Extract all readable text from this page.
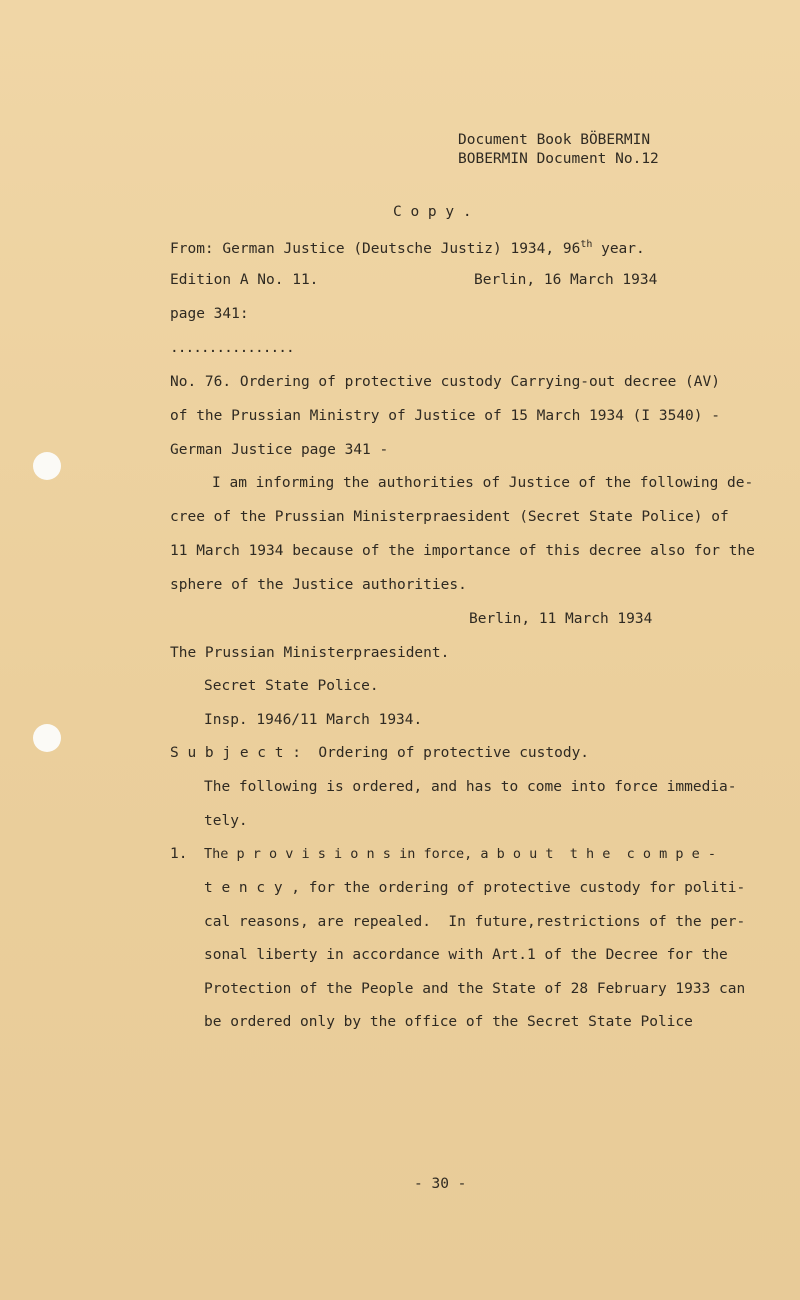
Document Book BÖBERMIN
BOBERMIN Document No.12
C o p y .
From: German Justice (Deutsche Justiz) 1934, 96th year.
Edition A No. 11.	Berlin, 16 March 1934
page 341:
................
No. 76. Ordering of protective custody Carrying-out decree (AV)
of the Prussian Ministry of Justice of 15 March 1934 (I 3540) -
German Justice page 341 -
I am informing the authorities of Justice of the following de-
cree of the Prussian Ministerpraesident (Secret State Police) of
11 March 1934 because of the importance of this decree also for the
sphere of the Justice authorities.
Berlin, 11 March 1934
The Prussian Ministerpraesident.
Secret State Police.
Insp. 1946/11 March 1934.
S u b j e c t :  Ordering of protective custody.
The following is ordered, and has to come into force immedia-
tely.
1. The p r o v i s i o n s in force, a b o u t  t h e  c o m p e -
t e n c y , for the ordering of protective custody for politi-
cal reasons, are repealed.  In future,restrictions of the per-
sonal liberty in accordance with Art.1 of the Decree for the
Protection of the People and the State of 28 February 1933 can
be ordered only by the office of the Secret State Police
- 30 -
